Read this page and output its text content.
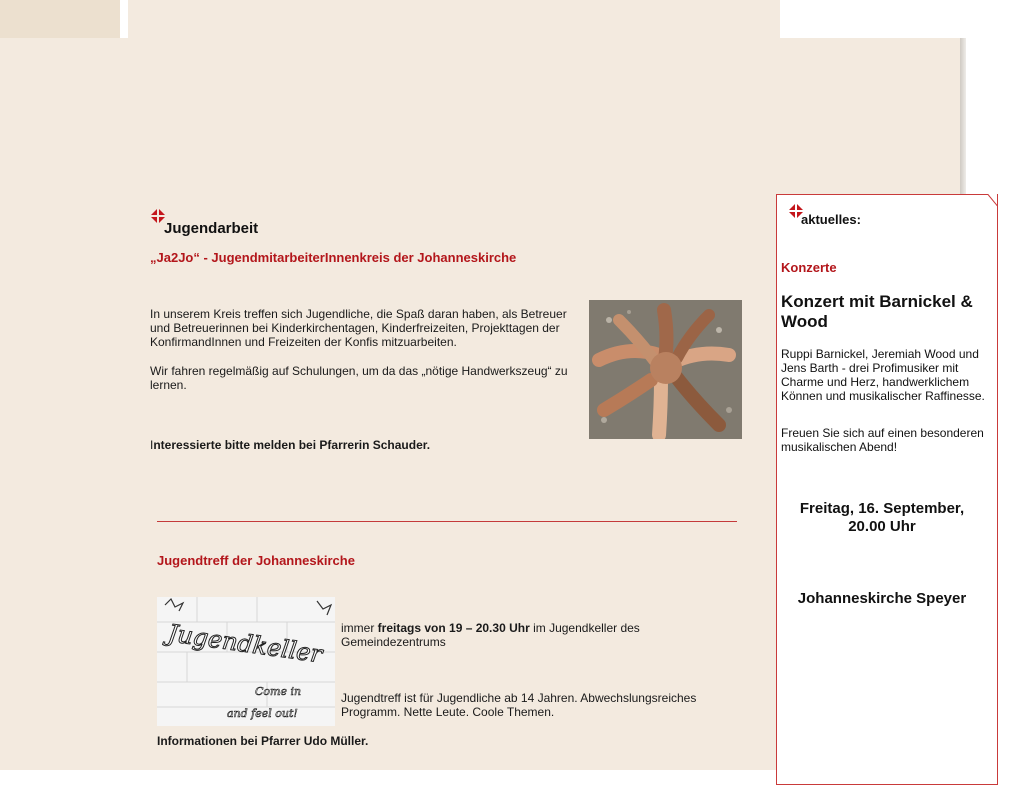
Jugendarbeit
„Ja2Jo“ - JugendmitarbeiterInnenkreis der Johanneskirche
In unserem Kreis treffen sich Jugendliche, die Spaß daran haben, als Betreuer und Betreuerinnen bei Kinderkirchentagen, Kinderfreizeiten, Projekttagen der KonfirmandInnen und Freizeiten der Konfis mitzuarbeiten.
Wir fahren regelmäßig auf Schulungen, um da das „nötige Handwerkszeug“ zu lernen.
Interessierte bitte melden bei Pfarrerin Schauder.
Jugendtreff der Johanneskirche
Jugendkeller
Come in
and feel out!
immer freitags von 19 – 20.30 Uhr im Jugendkeller des Gemeindezentrums
Jugendtreff ist für Jugendliche ab 14 Jahren. Abwechslungsreiches Programm. Nette Leute. Coole Themen.
Informationen bei Pfarrer Udo Müller.
aktuelles:
Konzerte
Konzert mit Barnickel & Wood
Ruppi Barnickel, Jeremiah Wood und Jens Barth - drei Profimusiker mit Charme und Herz, handwerklichem Können und musikalischer Raffinesse.
Freuen Sie sich auf einen besonderen musikalischen Abend!
Freitag, 16. September, 20.00 Uhr
Johanneskirche Speyer
